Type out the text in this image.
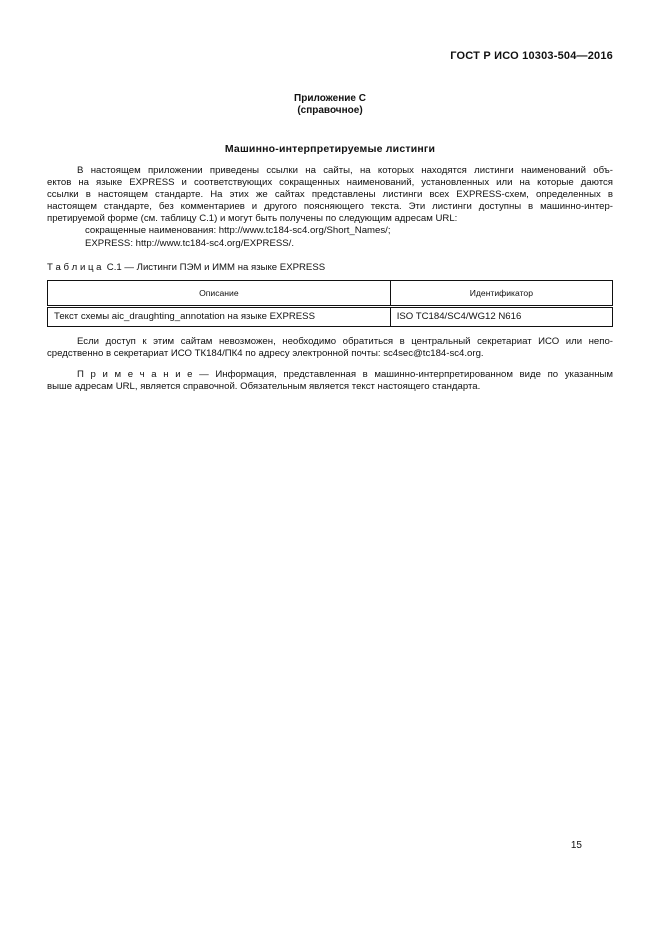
ГОСТ Р ИСО 10303-504—2016
Приложение С
(справочное)
Машинно-интерпретируемые листинги
В настоящем приложении приведены ссылки на сайты, на которых находятся листинги наименований объ-
ектов на языке EXPRESS и соответствующих сокращенных наименований, установленных или на которые даются
ссылки в настоящем стандарте. На этих же сайтах представлены листинги всех EXPRESS-схем, определенных в
настоящем стандарте, без комментариев и другого поясняющего текста. Эти листинги доступны в машинно-интер-
претируемой форме (см. таблицу С.1) и могут быть получены по следующим адресам URL:
сокращенные наименования: http://www.tc184-sc4.org/Short_Names/;
EXPRESS: http://www.tc184-sc4.org/EXPRESS/.
Т а б л и ц а  С.1 — Листинги ПЭМ и ИММ на языке EXPRESS
Описание	Идентификатор
Текст схемы aic_draughting_annotation на языке EXPRESS	ISO TC184/SC4/WG12 N616
Если доступ к этим сайтам невозможен, необходимо обратиться в центральный секретариат ИСО или непо-
средственно в секретариат ИСО ТК184/ПК4 по адресу электронной почты: sc4sec@tc184-sc4.org.
П р и м е ч а н и е — Информация, представленная в машинно-интерпретированном виде по указанным
выше адресам URL, является справочной. Обязательным является текст настоящего стандарта.
15
